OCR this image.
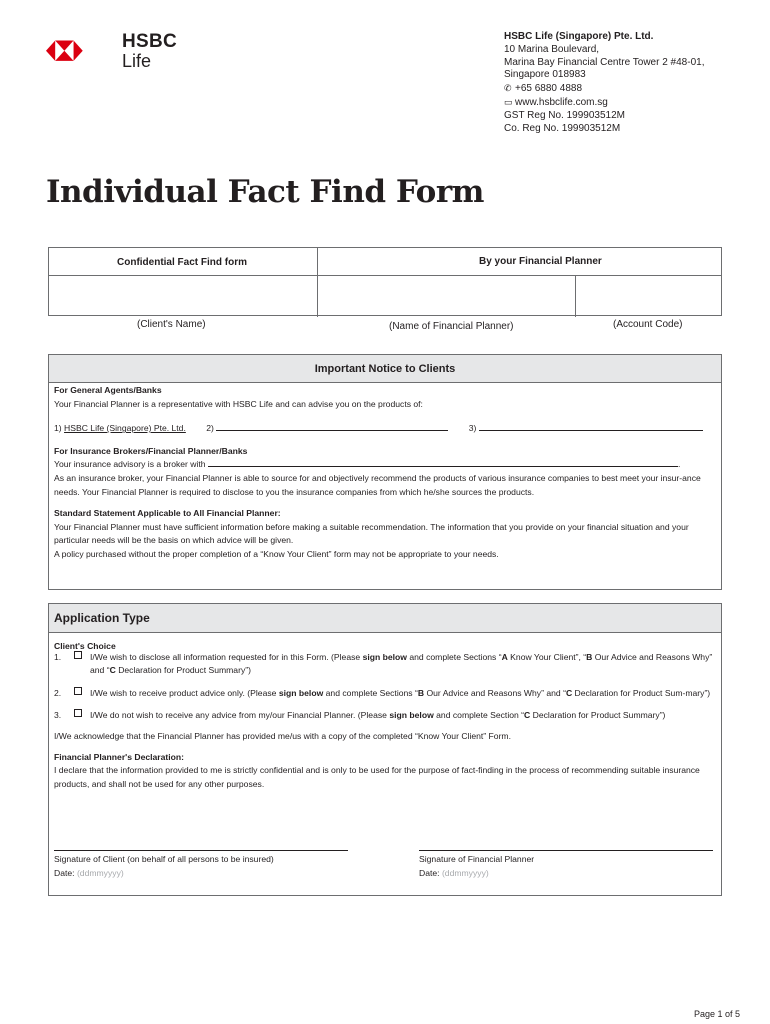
HSBC
Life
HSBC Life (Singapore) Pte. Ltd.
10 Marina Boulevard,
Marina Bay Financial Centre Tower 2 #48-01,
Singapore 018983
✆ +65 6880 4888
▭ www.hsbclife.com.sg
GST Reg No. 199903512M
Co. Reg No. 199903512M
Individual Fact Find Form
Confidential Fact Find form	By your Financial Planner
(Client's Name)	(Name of Financial Planner)	(Account Code)
Important Notice to Clients
For General Agents/Banks
Your Financial Planner is a representative with HSBC Life and can advise you on the products of:
1) HSBC Life (Singapore) Pte. Ltd. 2)	3)
For Insurance Brokers/Financial Planner/Banks
Your insurance advisory is a broker with	.
As an insurance broker, your Financial Planner is able to source for and objectively recommend the products of various insurance companies to best meet your insur-ance needs. Your Financial Planner is required to disclose to you the insurance companies from which he/she sources the products.
Standard Statement Applicable to All Financial Planner:
Your Financial Planner must have sufficient information before making a suitable recommendation. The information that you provide on your financial situation and your particular needs will be the basis on which advice will be given.
A policy purchased without the proper completion of a “Know Your Client” form may not be appropriate to your needs.
Application Type
Client's Choice
1.	I/We wish to disclose all information requested for in this Form. (Please sign below and complete Sections “A Know Your Client”, “B Our Advice and Reasons Why” and “C Declaration for Product Summary”)
2.	I/We wish to receive product advice only. (Please sign below and complete Sections “B Our Advice and Reasons Why” and “C Declaration for Product Sum-mary”)
3.	I/We do not wish to receive any advice from my/our Financial Planner. (Please sign below and complete Section “C Declaration for Product Summary”)
I/We acknowledge that the Financial Planner has provided me/us with a copy of the completed “Know Your Client” Form.
Financial Planner's Declaration:
I declare that the information provided to me is strictly confidential and is only to be used for the purpose of fact-finding in the process of recommending suitable insurance products, and shall not be used for any other purposes.
Signature of Client (on behalf of all persons to be insured)
Date: (ddmmyyyy)
Signature of Financial Planner
Date: (ddmmyyyy)
Page 1 of 5
